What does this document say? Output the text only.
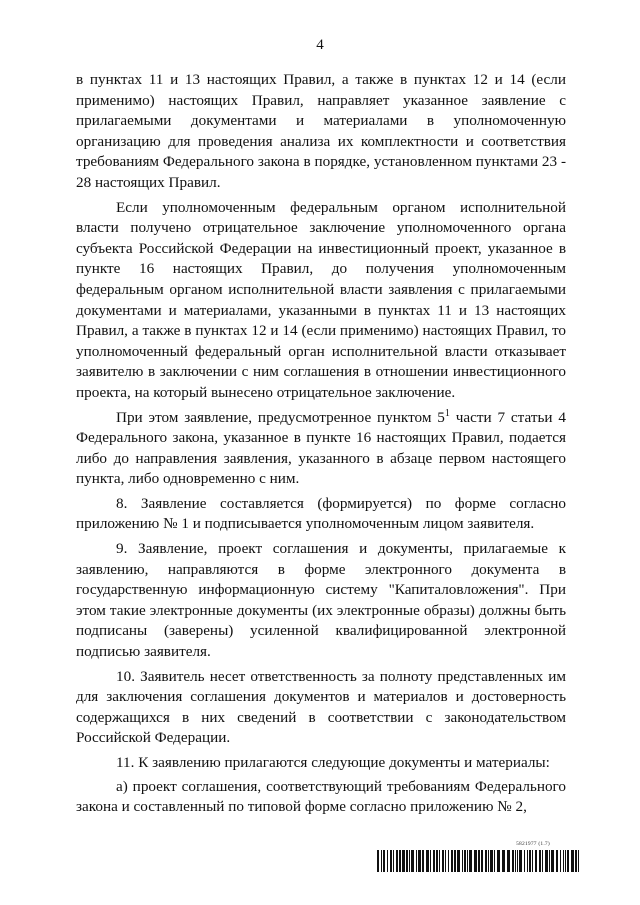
4

в пунктах 11 и 13 настоящих Правил, а также в пунктах 12 и 14 (если применимо) настоящих Правил, направляет указанное заявление с прилагаемыми документами и материалами в уполномоченную организацию для проведения анализа их комплектности и соответствия требованиям Федерального закона в порядке, установленном пунктами 23 - 28 настоящих Правил.

Если уполномоченным федеральным органом исполнительной власти получено отрицательное заключение уполномоченного органа субъекта Российской Федерации на инвестиционный проект, указанное в пункте 16 настоящих Правил, до получения уполномоченным федеральным органом исполнительной власти заявления с прилагаемыми документами и материалами, указанными в пунктах 11 и 13 настоящих Правил, а также в пунктах 12 и 14 (если применимо) настоящих Правил, то уполномоченный федеральный орган исполнительной власти отказывает заявителю в заключении с ним соглашения в отношении инвестиционного проекта, на который вынесено отрицательное заключение.

При этом заявление, предусмотренное пунктом $5^1$ части 7 статьи 4 Федерального закона, указанное в пункте 16 настоящих Правил, подается либо до направления заявления, указанного в абзаце первом настоящего пункта, либо одновременно с ним.

8. Заявление составляется (формируется) по форме согласно приложению № 1 и подписывается уполномоченным лицом заявителя.

9. Заявление, проект соглашения и документы, прилагаемые к заявлению, направляются в форме электронного документа в государственную информационную систему "Капиталовложения". При этом такие электронные документы (их электронные образы) должны быть подписаны (заверены) усиленной квалифицированной электронной подписью заявителя.

10. Заявитель несет ответственность за полноту представленных им для заключения соглашения документов и материалов и достоверность содержащихся в них сведений в соответствии с законодательством Российской Федерации.

11. К заявлению прилагаются следующие документы и материалы:

а) проект соглашения, соответствующий требованиям Федерального закона и составленный по типовой форме согласно приложению № 2,

5821977 (1.7)
